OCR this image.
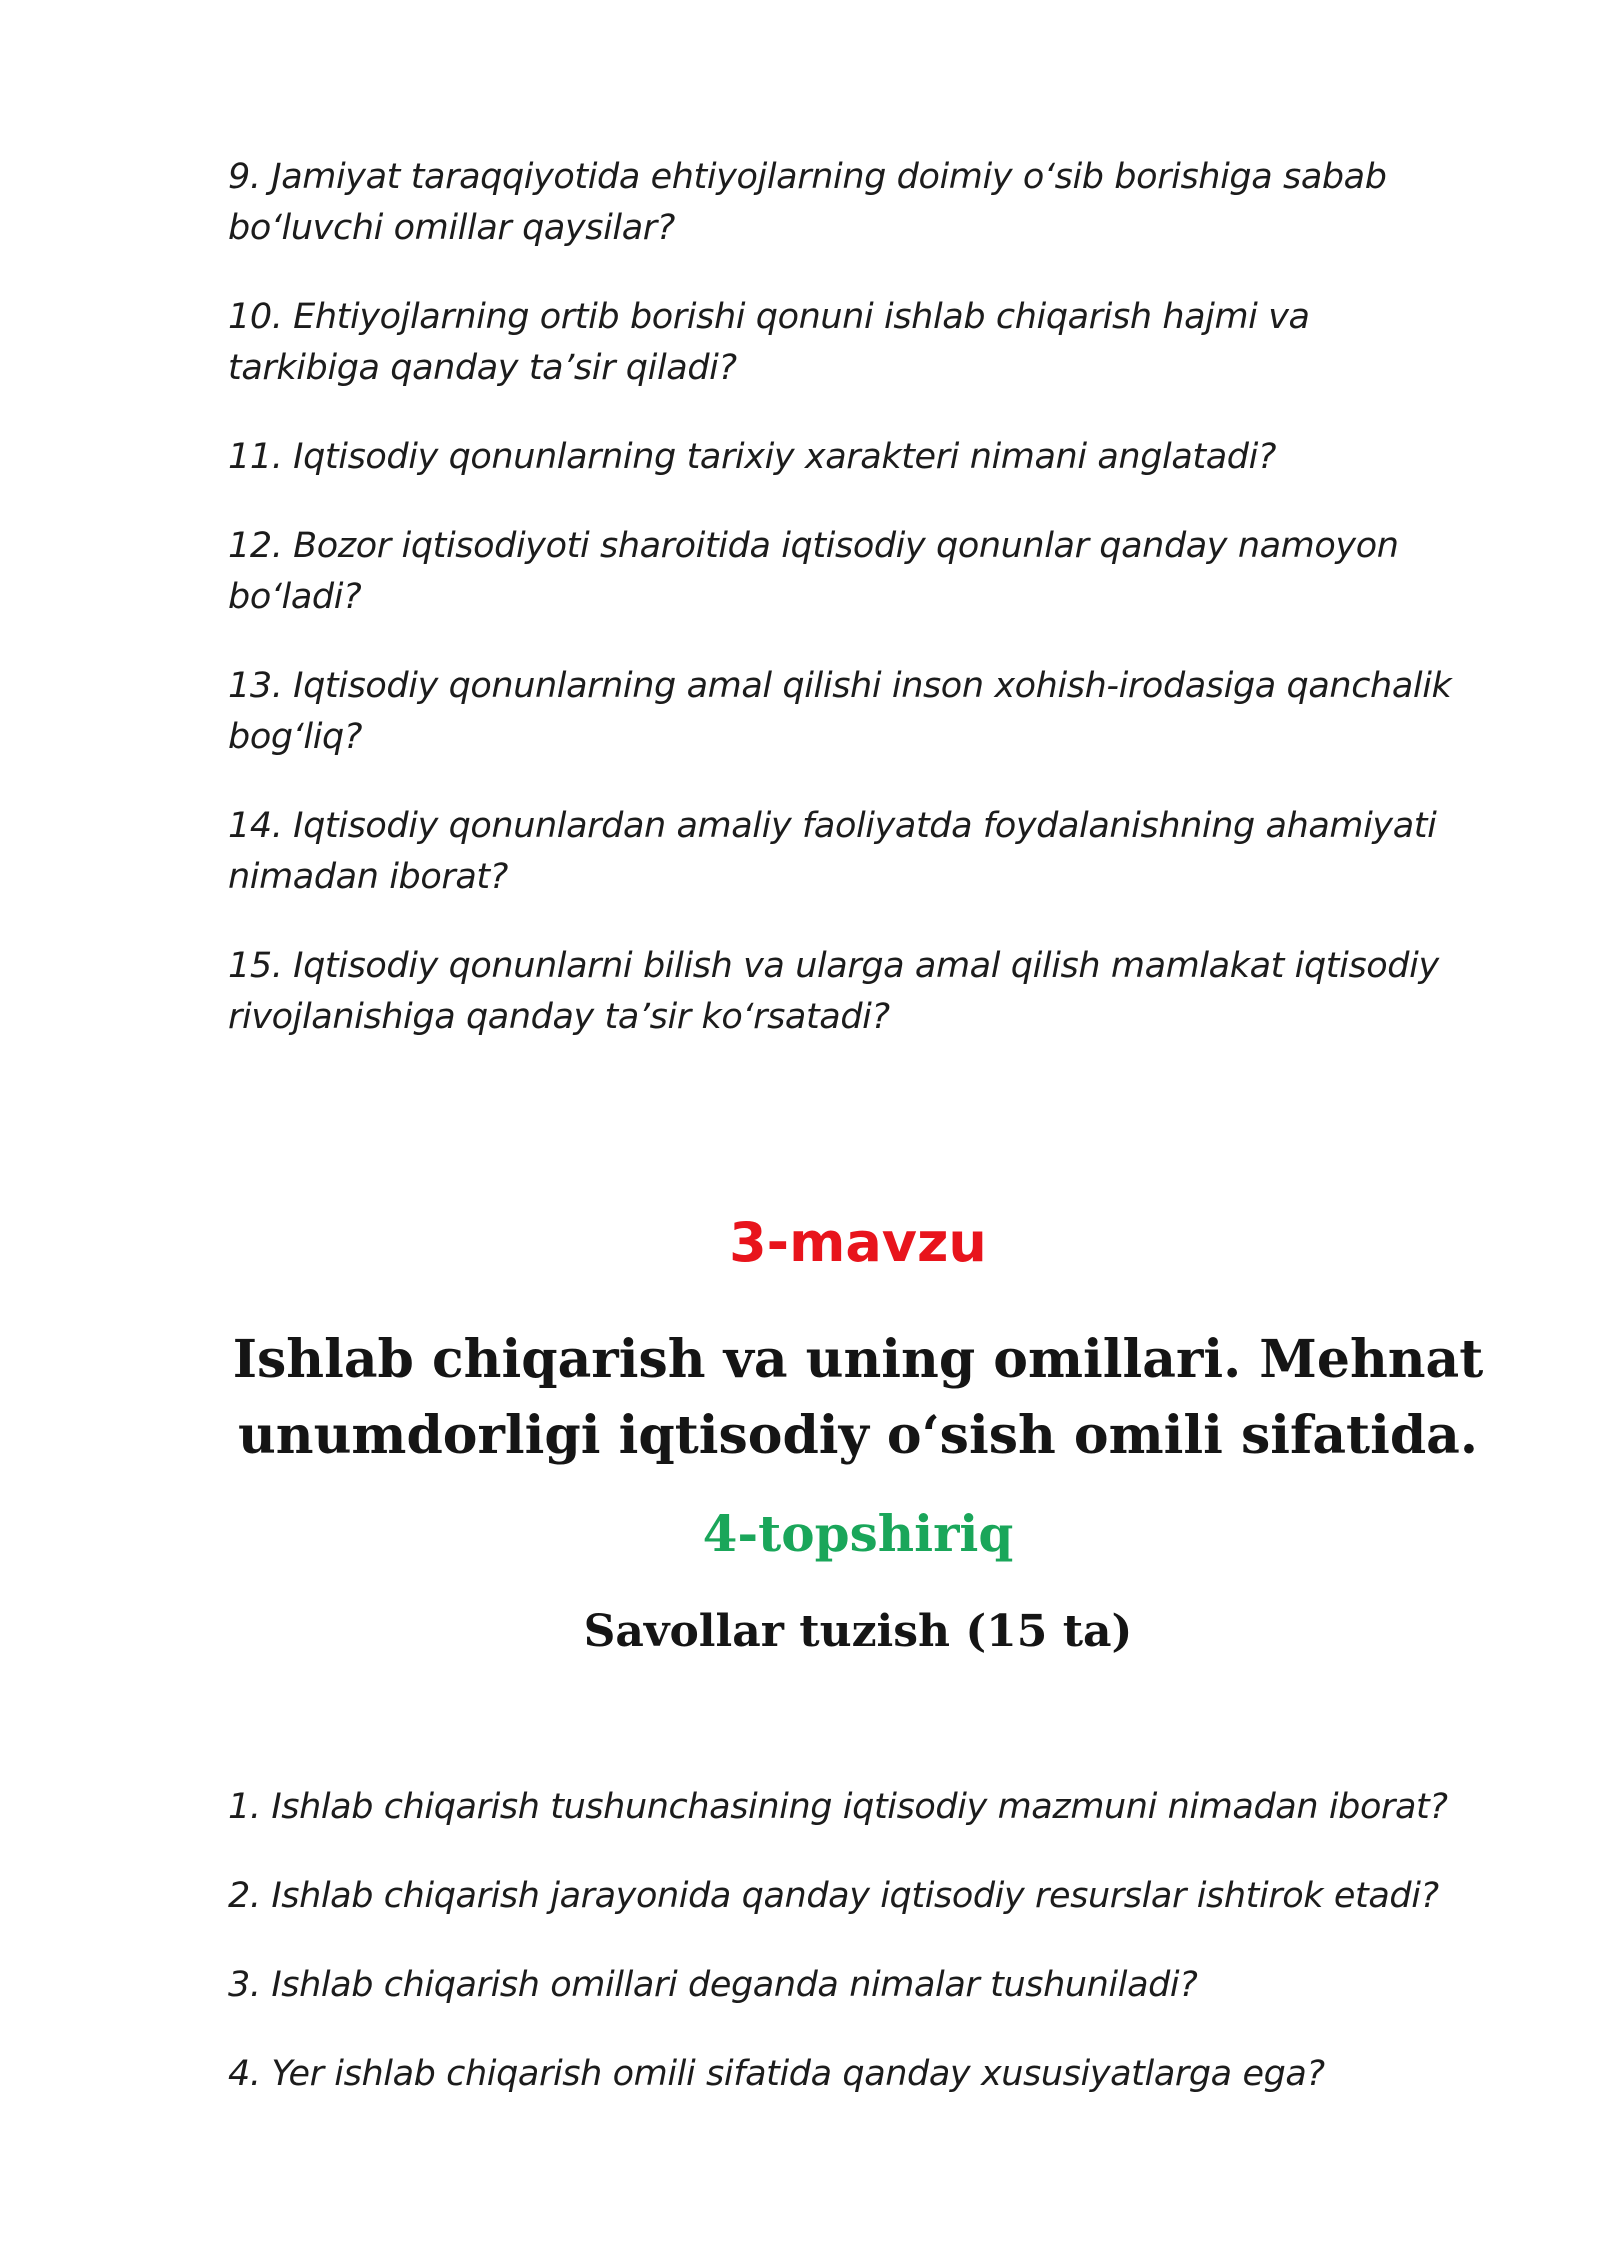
9. Jamiyat taraqqiyotida ehtiyojlarning doimiy o‘sib borishiga sabab bo‘luvchi omillar qaysilar?
10. Ehtiyojlarning ortib borishi qonuni ishlab chiqarish hajmi va tarkibiga qanday ta’sir qiladi?
11. Iqtisodiy qonunlarning tarixiy xarakteri nimani anglatadi?
12. Bozor iqtisodiyoti sharoitida iqtisodiy qonunlar qanday namoyon bo‘ladi?
13. Iqtisodiy qonunlarning amal qilishi inson xohish-irodasiga qanchalik bog‘liq?
14. Iqtisodiy qonunlardan amaliy faoliyatda foydalanishning ahamiyati nimadan iborat?
15. Iqtisodiy qonunlarni bilish va ularga amal qilish mamlakat iqtisodiy rivojlanishiga qanday ta’sir ko‘rsatadi?
3-mavzu
Ishlab chiqarish va uning omillari. Mehnat unumdorligi iqtisodiy o‘sish omili sifatida.
4-topshiriq
Savollar tuzish (15 ta)
1. Ishlab chiqarish tushunchasining iqtisodiy mazmuni nimadan iborat?
2. Ishlab chiqarish jarayonida qanday iqtisodiy resurslar ishtirok etadi?
3. Ishlab chiqarish omillari deganda nimalar tushuniladi?
4. Yer ishlab chiqarish omili sifatida qanday xususiyatlarga ega?
